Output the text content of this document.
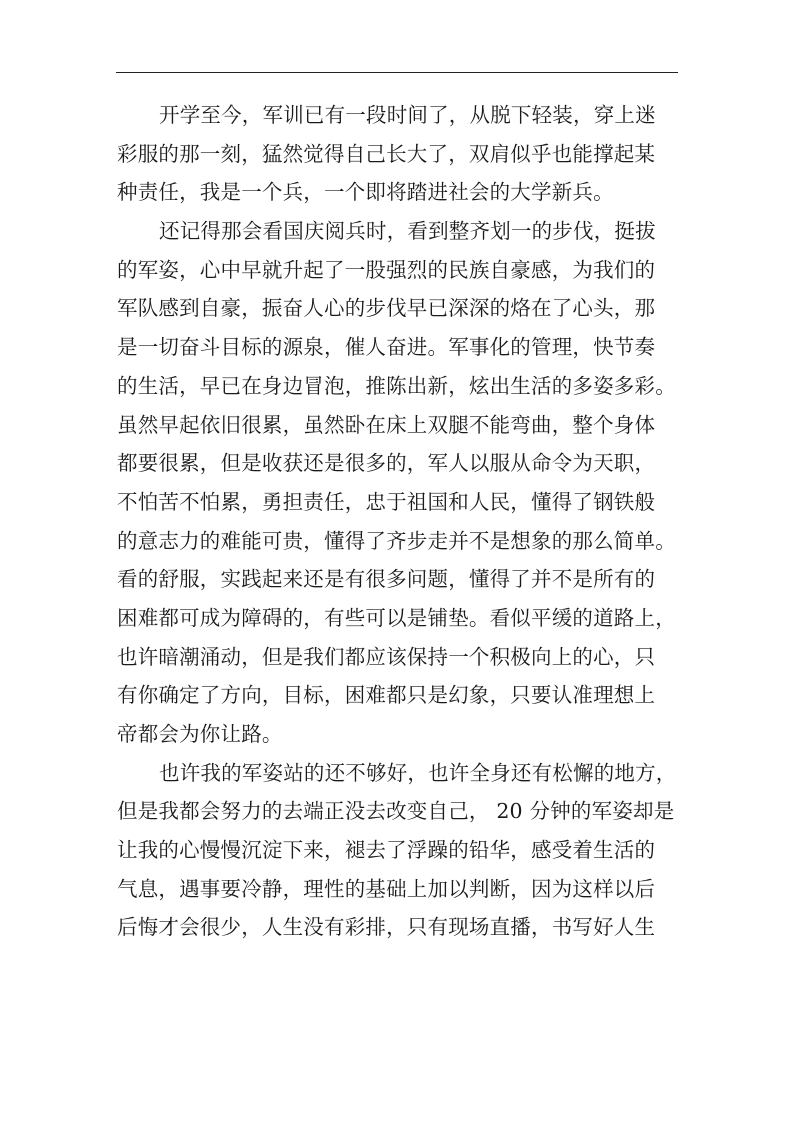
开学至今，军训已有一段时间了，从脱下轻装，穿上迷
彩服的那一刻，猛然觉得自己长大了，双肩似乎也能撑起某
种责任，我是一个兵，一个即将踏进社会的大学新兵。
还记得那会看国庆阅兵时，看到整齐划一的步伐，挺拔
的军姿，心中早就升起了一股强烈的民族自豪感，为我们的
军队感到自豪，振奋人心的步伐早已深深的烙在了心头，那
是一切奋斗目标的源泉，催人奋进。军事化的管理，快节奏
的生活，早已在身边冒泡，推陈出新，炫出生活的多姿多彩。
虽然早起依旧很累，虽然卧在床上双腿不能弯曲，整个身体
都要很累，但是收获还是很多的，军人以服从命令为天职，
不怕苦不怕累，勇担责任，忠于祖国和人民，懂得了钢铁般
的意志力的难能可贵，懂得了齐步走并不是想象的那么简单。
看的舒服，实践起来还是有很多问题，懂得了并不是所有的
困难都可成为障碍的，有些可以是铺垫。看似平缓的道路上，
也许暗潮涌动，但是我们都应该保持一个积极向上的心，只
有你确定了方向，目标，困难都只是幻象，只要认准理想上
帝都会为你让路。
也许我的军姿站的还不够好，也许全身还有松懈的地方，
但是我都会努力的去端正没去改变自己， 20 分钟的军姿却是
让我的心慢慢沉淀下来，褪去了浮躁的铅华，感受着生活的
气息，遇事要冷静，理性的基础上加以判断，因为这样以后
后悔才会很少，人生没有彩排，只有现场直播，书写好人生
